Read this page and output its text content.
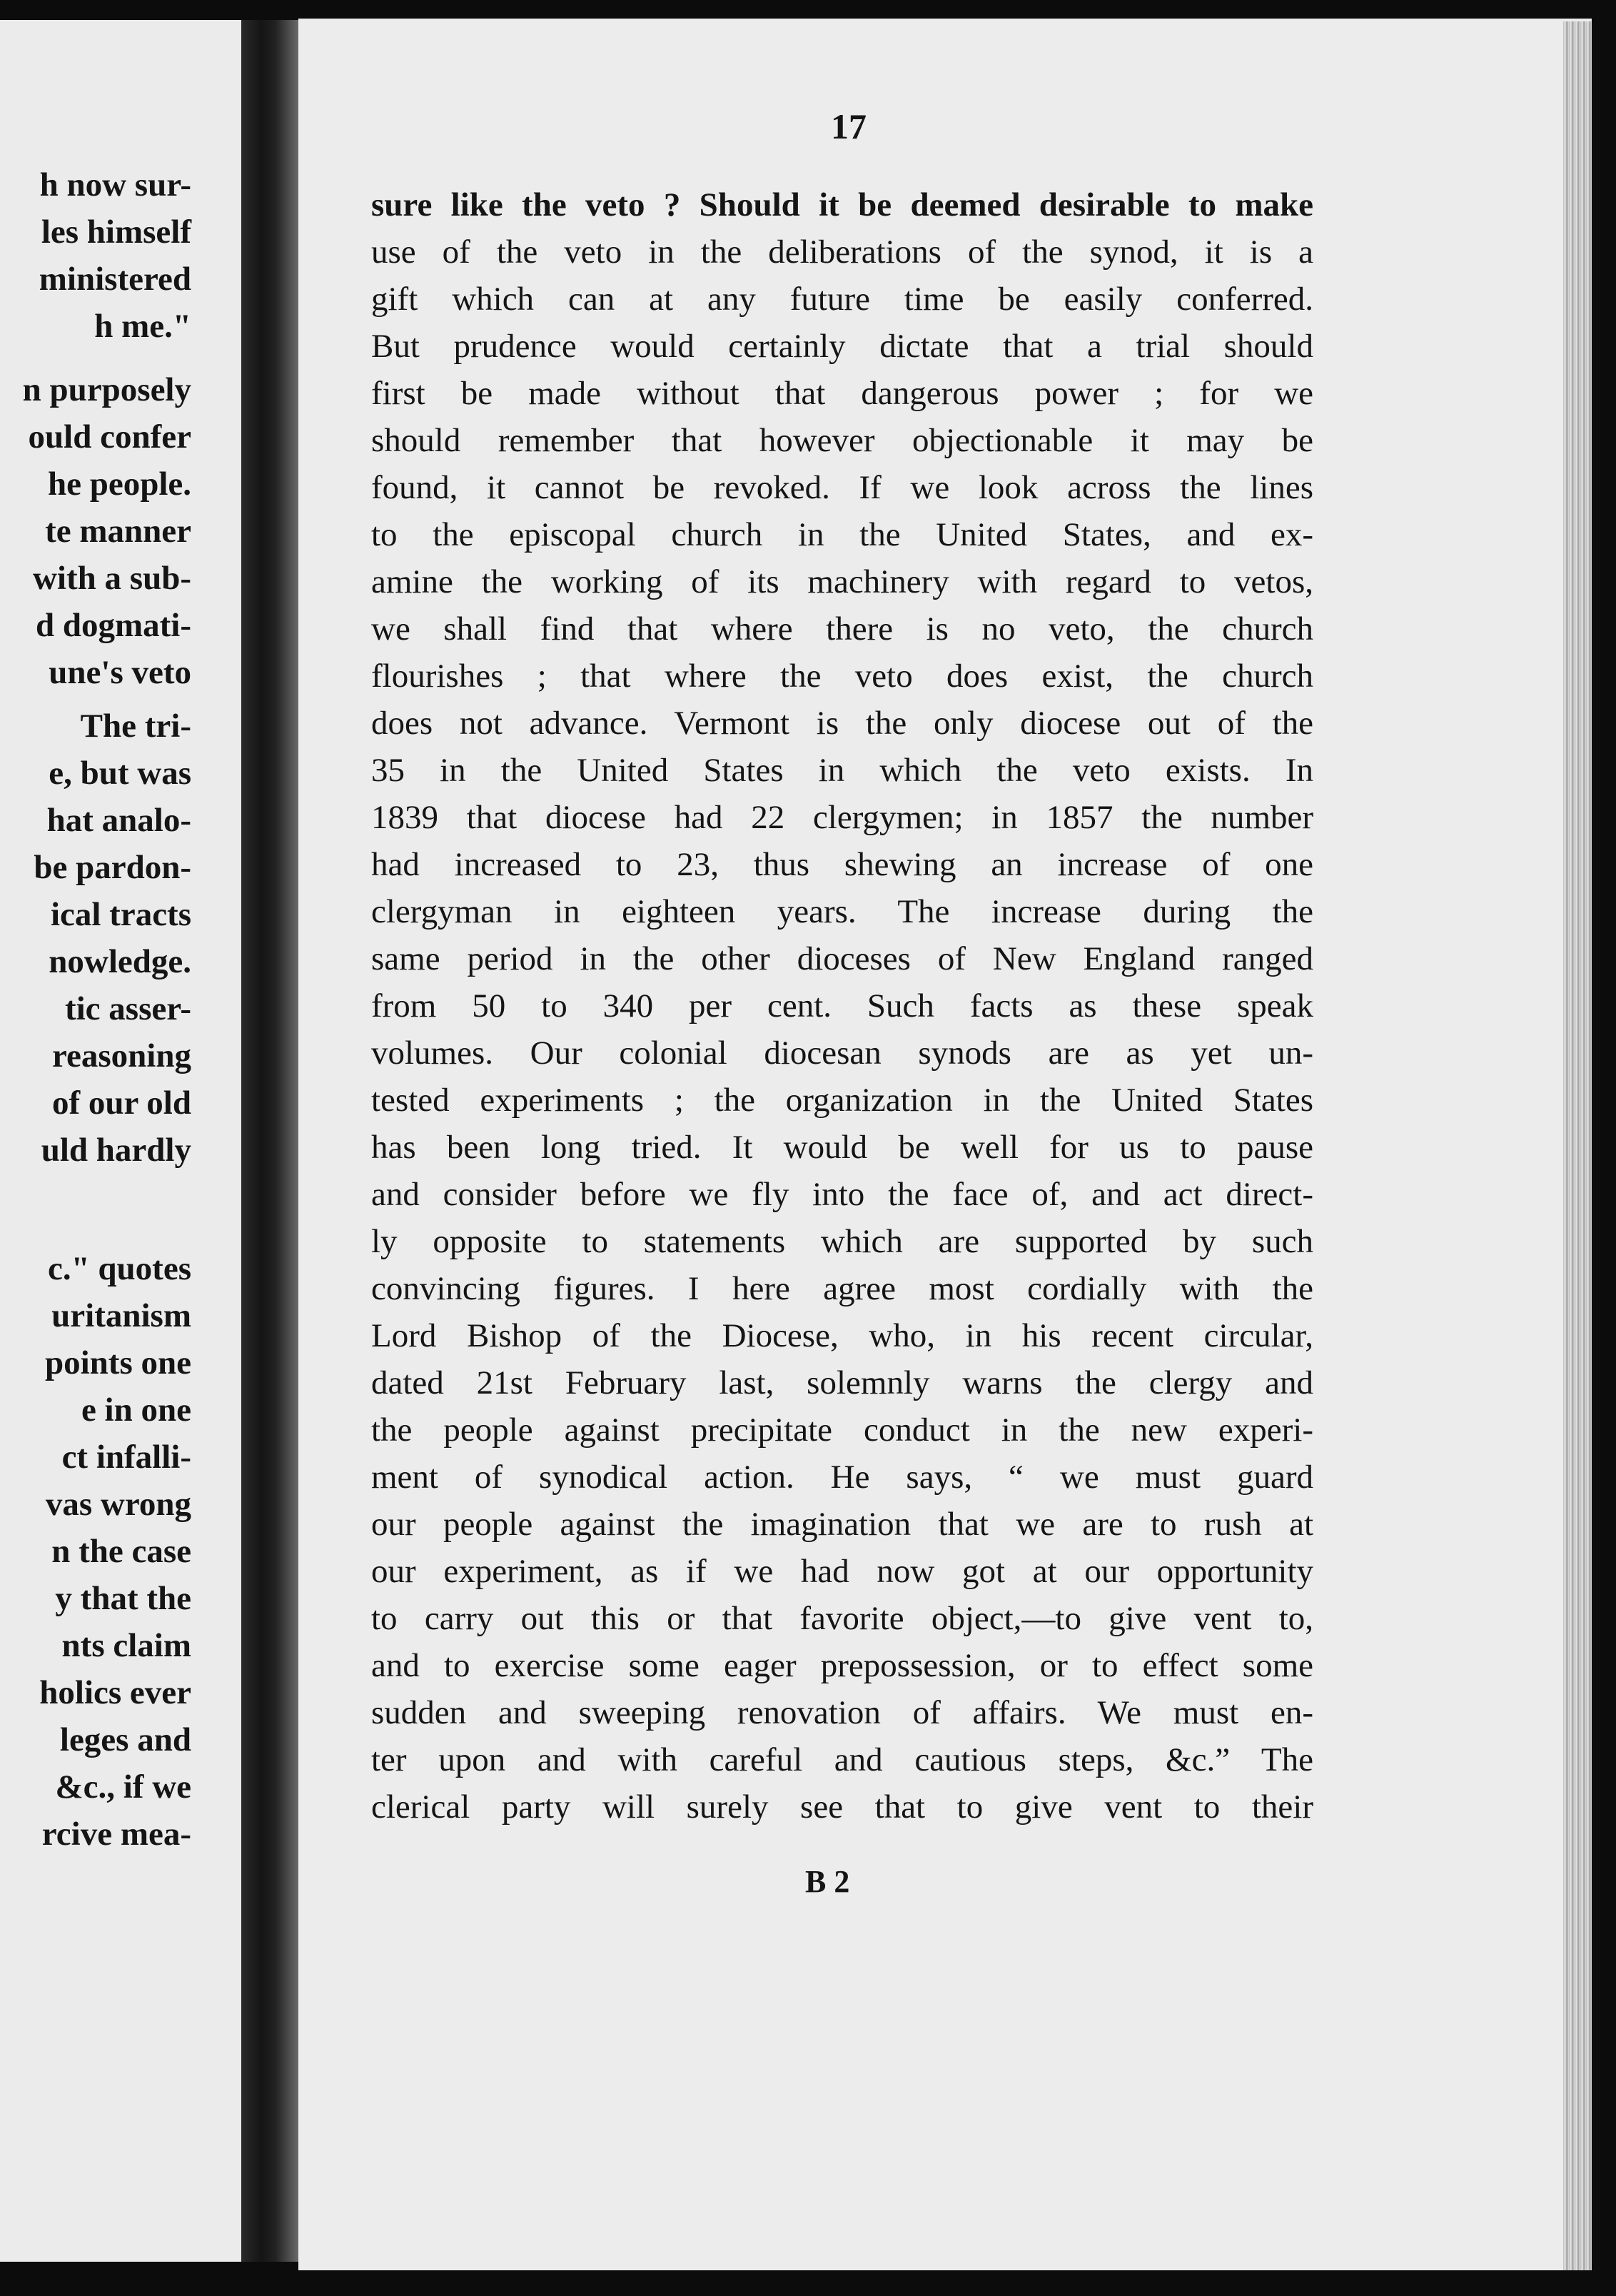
h now sur-
les himself
ministered
h me."
n purposely
ould confer
he people.
te manner
with a sub-
d dogmati-
une's veto
The tri-
e, but was
hat analo-
be pardon-
ical tracts
nowledge.
tic asser-
reasoning
of our old
uld hardly
c." quotes
uritanism
points one
e in one
ct infalli-
vas wrong
n the case
y that the
nts claim
holics ever
leges and
&c., if we
rcive mea-
17
sure like the veto ? Should it be deemed desirable to make
use of the veto in the deliberations of the synod, it is a
gift which can at any future time be easily conferred.
But prudence would certainly dictate that a trial should
first be made without that dangerous power ; for we
should remember that however objectionable it may be
found, it cannot be revoked. If we look across the lines
to the episcopal church in the United States, and ex-
amine the working of its machinery with regard to vetos,
we shall find that where there is no veto, the church
flourishes ; that where the veto does exist, the church
does not advance. Vermont is the only diocese out of the
35 in the United States in which the veto exists. In
1839 that diocese had 22 clergymen; in 1857 the number
had increased to 23, thus shewing an increase of one
clergyman in eighteen years. The increase during the
same period in the other dioceses of New England ranged
from 50 to 340 per cent. Such facts as these speak
volumes. Our colonial diocesan synods are as yet un-
tested experiments ; the organization in the United States
has been long tried. It would be well for us to pause
and consider before we fly into the face of, and act direct-
ly opposite to statements which are supported by such
convincing figures. I here agree most cordially with the
Lord Bishop of the Diocese, who, in his recent circular,
dated 21st February last, solemnly warns the clergy and
the people against precipitate conduct in the new experi-
ment of synodical action. He says, “ we must guard
our people against the imagination that we are to rush at
our experiment, as if we had now got at our opportunity
to carry out this or that favorite object,—to give vent to,
and to exercise some eager prepossession, or to effect some
sudden and sweeping renovation of affairs. We must en-
ter upon and with careful and cautious steps, &c.” The
clerical party will surely see that to give vent to their
B 2
